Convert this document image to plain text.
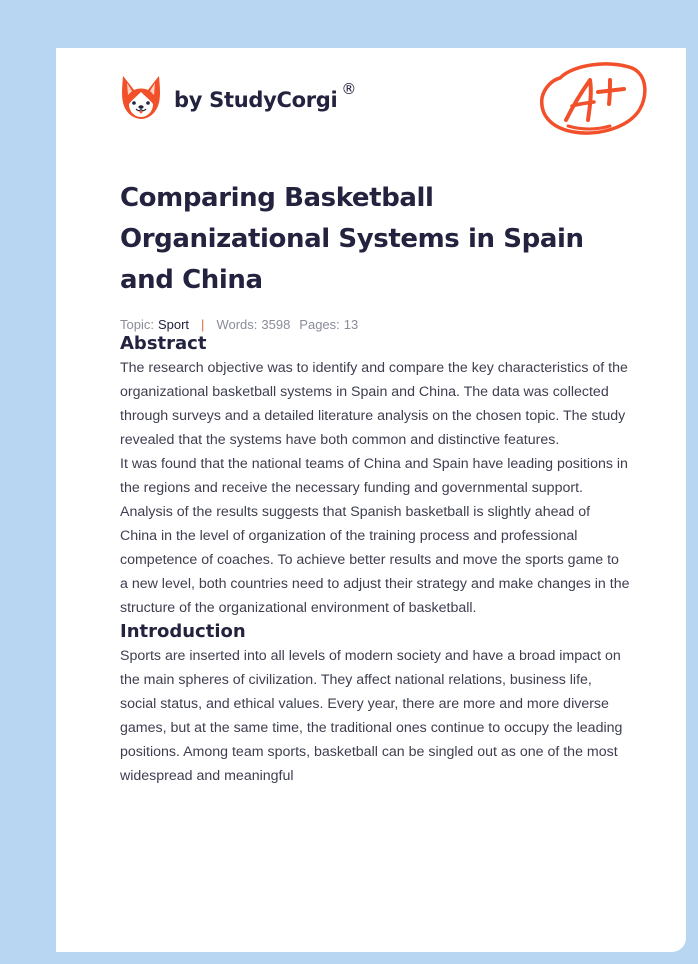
by StudyCorgi ®
Comparing Basketball Organizational Systems in Spain and China
Topic: Sport | Words: 3598 Pages: 13
Abstract

The research objective was to identify and compare the key characteristics of the organizational basketball systems in Spain and China. The data was collected through surveys and a detailed literature analysis on the chosen topic. The study revealed that the systems have both common and distinctive features.

It was found that the national teams of China and Spain have leading positions in the regions and receive the necessary funding and governmental support. Analysis of the results suggests that Spanish basketball is slightly ahead of China in the level of organization of the training process and professional competence of coaches. To achieve better results and move the sports game to a new level, both countries need to adjust their strategy and make changes in the structure of the organizational environment of basketball.

Introduction

Sports are inserted into all levels of modern society and have a broad impact on the main spheres of civilization. They affect national relations, business life, social status, and ethical values. Every year, there are more and more diverse games, but at the same time, the traditional ones continue to occupy the leading positions. Among team sports, basketball can be singled out as one of the most widespread and meaningful
